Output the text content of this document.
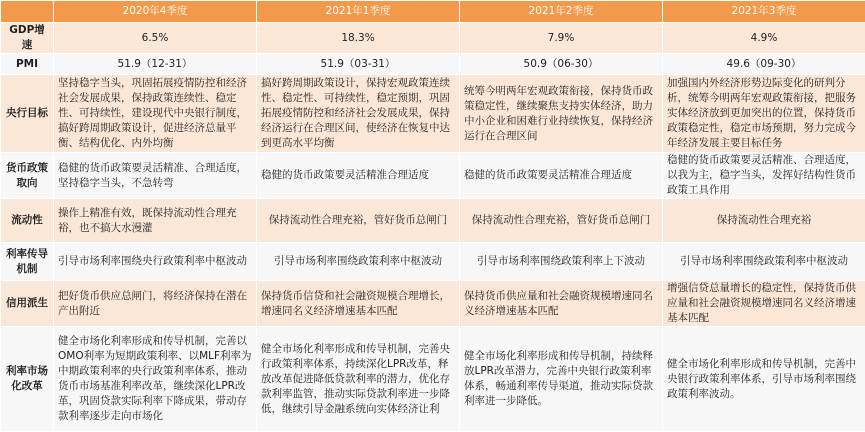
	2020年4季度	2021年1季度	2021年2季度	2021年3季度
GDP增速	6.5%	18.3%	7.9%	4.9%
PMI	51.9（12-31）	51.9（03-31）	50.9（06-30）	49.6（09-30）
央行目标	坚持稳字当头，巩固拓展疫情防控和经济社会发展成果，保持政策连续性、稳定性、可持续性，建设现代中央银行制度，搞好跨周期政策设计，促进经济总量平衡、结构优化、内外均衡	搞好跨周期政策设计，保持宏观政策连续性、稳定性、可持续性，稳定预期，巩固拓展疫情防控和经济社会发展成果，保持经济运行在合理区间，使经济在恢复中达到更高水平均衡	统筹今明两年宏观政策衔接，保持货币政策稳定性，继续聚焦支持实体经济，助力中小企业和困难行业持续恢复，保持经济运行在合理区间	加强国内外经济形势边际变化的研判分析，统筹今明两年宏观政策衔接，把服务实体经济放到更加突出的位置，保持货币政策稳定性，稳定市场预期，努力完成今年经济发展主要目标任务
货币政策取向	稳健的货币政策要灵活精准、合理适度，坚持稳字当头，不急转弯	稳健的货币政策要灵活精准合理适度	稳健的货币政策要灵活精准合理适度	稳健的货币政策要灵活精准、合理适度，以我为主，稳字当头，发挥好结构性货币政策工具作用
流动性	操作上精准有效，既保持流动性合理充裕，也不搞大水漫灌	保持流动性合理充裕，管好货币总闸门	保持流动性合理充裕，管好货币总闸门	保持流动性合理充裕
利率传导机制	引导市场利率围绕央行政策利率中枢波动	引导市场利率围绕政策利率中枢波动	引导市场利率围绕政策利率上下波动	引导市场利率围绕政策利率中枢波动
信用派生	把好货币供应总闸门，将经济保持在潜在产出附近	保持货币信贷和社会融资规模合理增长，增速同名义经济增速基本匹配	保持货币供应量和社会融资规模增速同名义经济增速基本匹配	增强信贷总量增长的稳定性，保持货币供应量和社会融资规模增速同名义经济增速基本匹配
利率市场化改革	健全市场化利率形成和传导机制，完善以OMO利率为短期政策利率、以MLF利率为中期政策利率的央行政策利率体系，推动货币市场基准利率改革，继续深化LPR改革，巩固贷款实际利率下降成果，带动存款利率逐步走向市场化	健全市场化利率形成和传导机制，完善央行政策利率体系，持续深化LPR改革，释放改革促进降低贷款利率的潜力，优化存款利率监管，推动实际贷款利率进一步降低，继续引导金融系统向实体经济让利	健全市场化利率形成和传导机制，持续释放LPR改革潜力，完善中央银行政策利率体系，畅通利率传导渠道，推动实际贷款利率进一步降低。	健全市场化利率形成和传导机制，完善中央银行政策利率体系，引导市场利率围绕政策利率波动。
